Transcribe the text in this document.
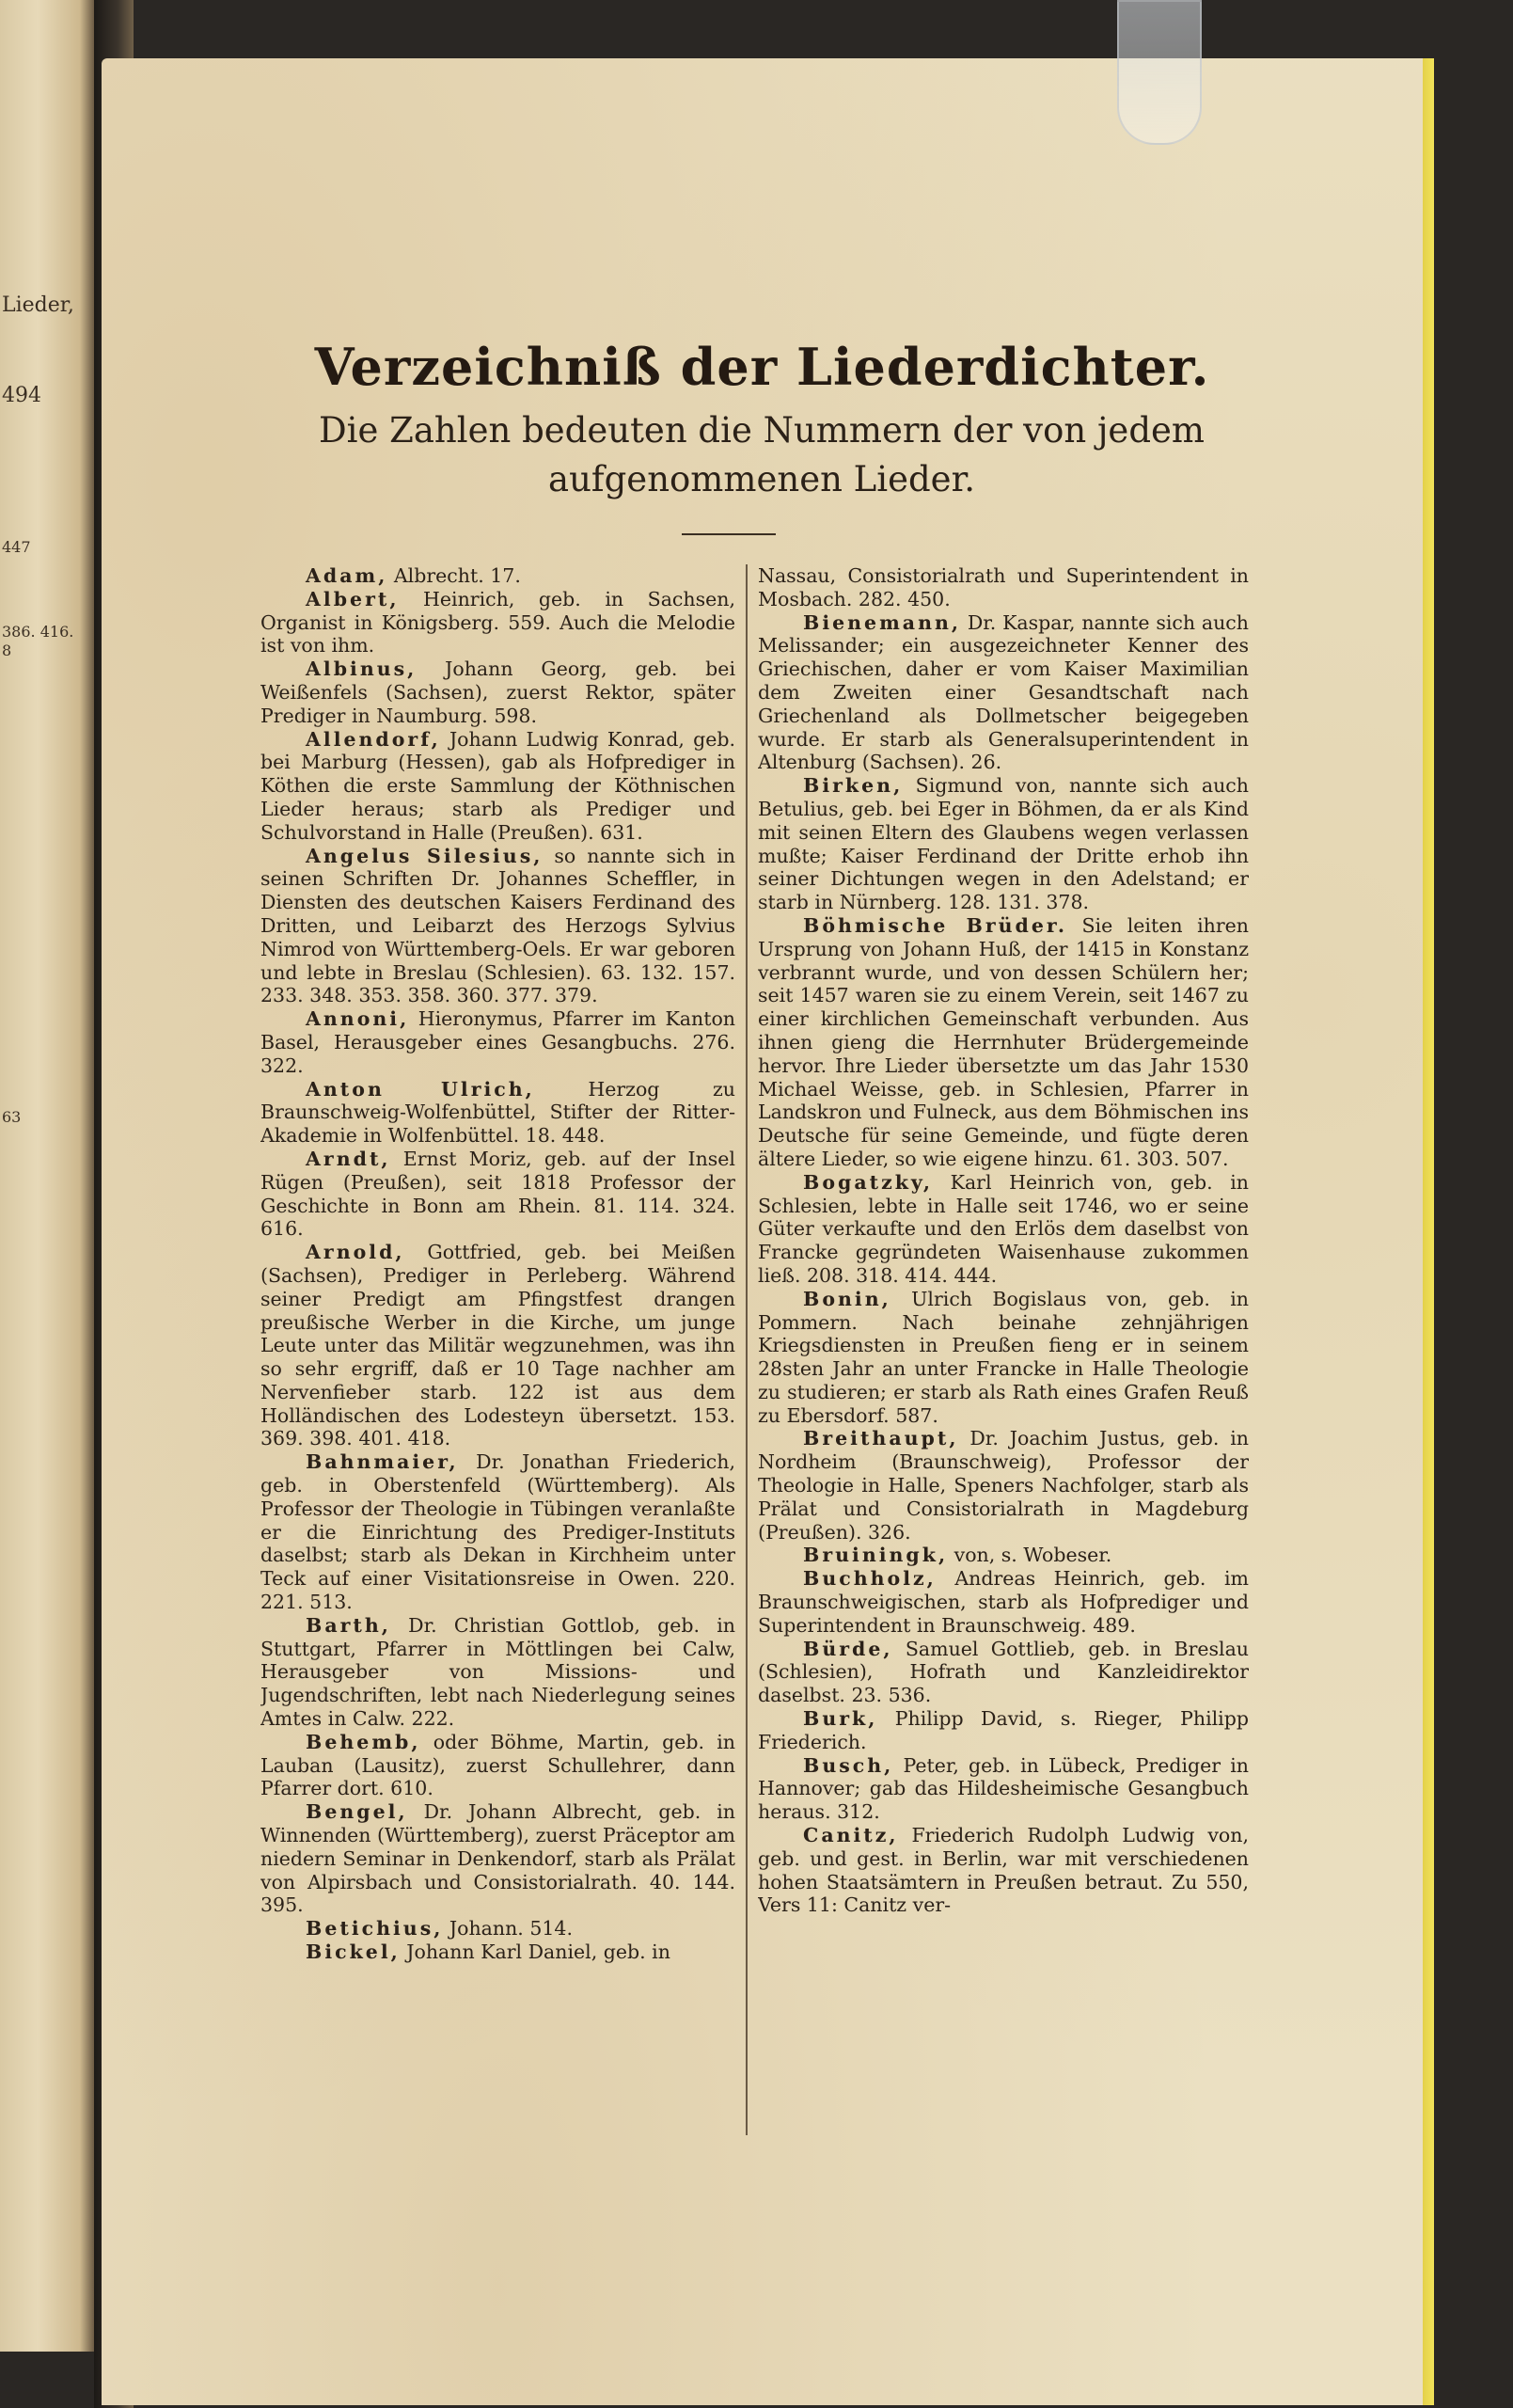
Lieder,
494
447
386. 416.
8
63
Verzeichniß der Liederdichter.
Die Zahlen bedeuten die Nummern der von jedem aufgenommenen Lieder.

Adam, Albrecht. 17.

Albert, Heinrich, geb. in Sachsen, Organist in Königsberg. 559. Auch die Melodie ist von ihm.

Albinus, Johann Georg, geb. bei Weißenfels (Sachsen), zuerst Rektor, später Prediger in Naumburg. 598.

Allendorf, Johann Ludwig Konrad, geb. bei Marburg (Hessen), gab als Hofprediger in Köthen die erste Sammlung der Köthnischen Lieder heraus; starb als Prediger und Schulvorstand in Halle (Preußen). 631.

Angelus Silesius, so nannte sich in seinen Schriften Dr. Johannes Scheffler, in Diensten des deutschen Kaisers Ferdinand des Dritten, und Leibarzt des Herzogs Sylvius Nimrod von Württemberg-Oels. Er war geboren und lebte in Breslau (Schlesien). 63. 132. 157. 233. 348. 353. 358. 360. 377. 379.

Annoni, Hieronymus, Pfarrer im Kanton Basel, Herausgeber eines Gesangbuchs. 276. 322.

Anton Ulrich, Herzog zu Braunschweig-Wolfenbüttel, Stifter der Ritter-Akademie in Wolfenbüttel. 18. 448.

Arndt, Ernst Moriz, geb. auf der Insel Rügen (Preußen), seit 1818 Professor der Geschichte in Bonn am Rhein. 81. 114. 324. 616.

Arnold, Gottfried, geb. bei Meißen (Sachsen), Prediger in Perleberg. Während seiner Predigt am Pfingstfest drangen preußische Werber in die Kirche, um junge Leute unter das Militär wegzunehmen, was ihn so sehr ergriff, daß er 10 Tage nachher am Nervenfieber starb. 122 ist aus dem Holländischen des Lodesteyn übersetzt. 153. 369. 398. 401. 418.

Bahnmaier, Dr. Jonathan Friederich, geb. in Oberstenfeld (Württemberg). Als Professor der Theologie in Tübingen veranlaßte er die Einrichtung des Prediger-Instituts daselbst; starb als Dekan in Kirchheim unter Teck auf einer Visitationsreise in Owen. 220. 221. 513.

Barth, Dr. Christian Gottlob, geb. in Stuttgart, Pfarrer in Möttlingen bei Calw, Herausgeber von Missions- und Jugendschriften, lebt nach Niederlegung seines Amtes in Calw. 222.

Behemb, oder Böhme, Martin, geb. in Lauban (Lausitz), zuerst Schullehrer, dann Pfarrer dort. 610.

Bengel, Dr. Johann Albrecht, geb. in Winnenden (Württemberg), zuerst Präceptor am niedern Seminar in Denkendorf, starb als Prälat von Alpirsbach und Consistorialrath. 40. 144. 395.

Betichius, Johann. 514.

Bickel, Johann Karl Daniel, geb. in

Nassau, Consistorialrath und Superintendent in Mosbach. 282. 450.

Bienemann, Dr. Kaspar, nannte sich auch Melissander; ein ausgezeichneter Kenner des Griechischen, daher er vom Kaiser Maximilian dem Zweiten einer Gesandtschaft nach Griechenland als Dollmetscher beigegeben wurde. Er starb als Generalsuperintendent in Altenburg (Sachsen). 26.

Birken, Sigmund von, nannte sich auch Betulius, geb. bei Eger in Böhmen, da er als Kind mit seinen Eltern des Glaubens wegen verlassen mußte; Kaiser Ferdinand der Dritte erhob ihn seiner Dichtungen wegen in den Adelstand; er starb in Nürnberg. 128. 131. 378.

Böhmische Brüder. Sie leiten ihren Ursprung von Johann Huß, der 1415 in Konstanz verbrannt wurde, und von dessen Schülern her; seit 1457 waren sie zu einem Verein, seit 1467 zu einer kirchlichen Gemeinschaft verbunden. Aus ihnen gieng die Herrnhuter Brüdergemeinde hervor. Ihre Lieder übersetzte um das Jahr 1530 Michael Weisse, geb. in Schlesien, Pfarrer in Landskron und Fulneck, aus dem Böhmischen ins Deutsche für seine Gemeinde, und fügte deren ältere Lieder, so wie eigene hinzu. 61. 303. 507.

Bogatzky, Karl Heinrich von, geb. in Schlesien, lebte in Halle seit 1746, wo er seine Güter verkaufte und den Erlös dem daselbst von Francke gegründeten Waisenhause zukommen ließ. 208. 318. 414. 444.

Bonin, Ulrich Bogislaus von, geb. in Pommern. Nach beinahe zehnjährigen Kriegsdiensten in Preußen fieng er in seinem 28sten Jahr an unter Francke in Halle Theologie zu studieren; er starb als Rath eines Grafen Reuß zu Ebersdorf. 587.

Breithaupt, Dr. Joachim Justus, geb. in Nordheim (Braunschweig), Professor der Theologie in Halle, Speners Nachfolger, starb als Prälat und Consistorialrath in Magdeburg (Preußen). 326.

Bruiningk, von, s. Wobeser.

Buchholz, Andreas Heinrich, geb. im Braunschweigischen, starb als Hofprediger und Superintendent in Braunschweig. 489.

Bürde, Samuel Gottlieb, geb. in Breslau (Schlesien), Hofrath und Kanzleidirektor daselbst. 23. 536.

Burk, Philipp David, s. Rieger, Philipp Friederich.

Busch, Peter, geb. in Lübeck, Prediger in Hannover; gab das Hildesheimische Gesangbuch heraus. 312.

Canitz, Friederich Rudolph Ludwig von, geb. und gest. in Berlin, war mit verschiedenen hohen Staatsämtern in Preußen betraut. Zu 550, Vers 11: Canitz ver-
